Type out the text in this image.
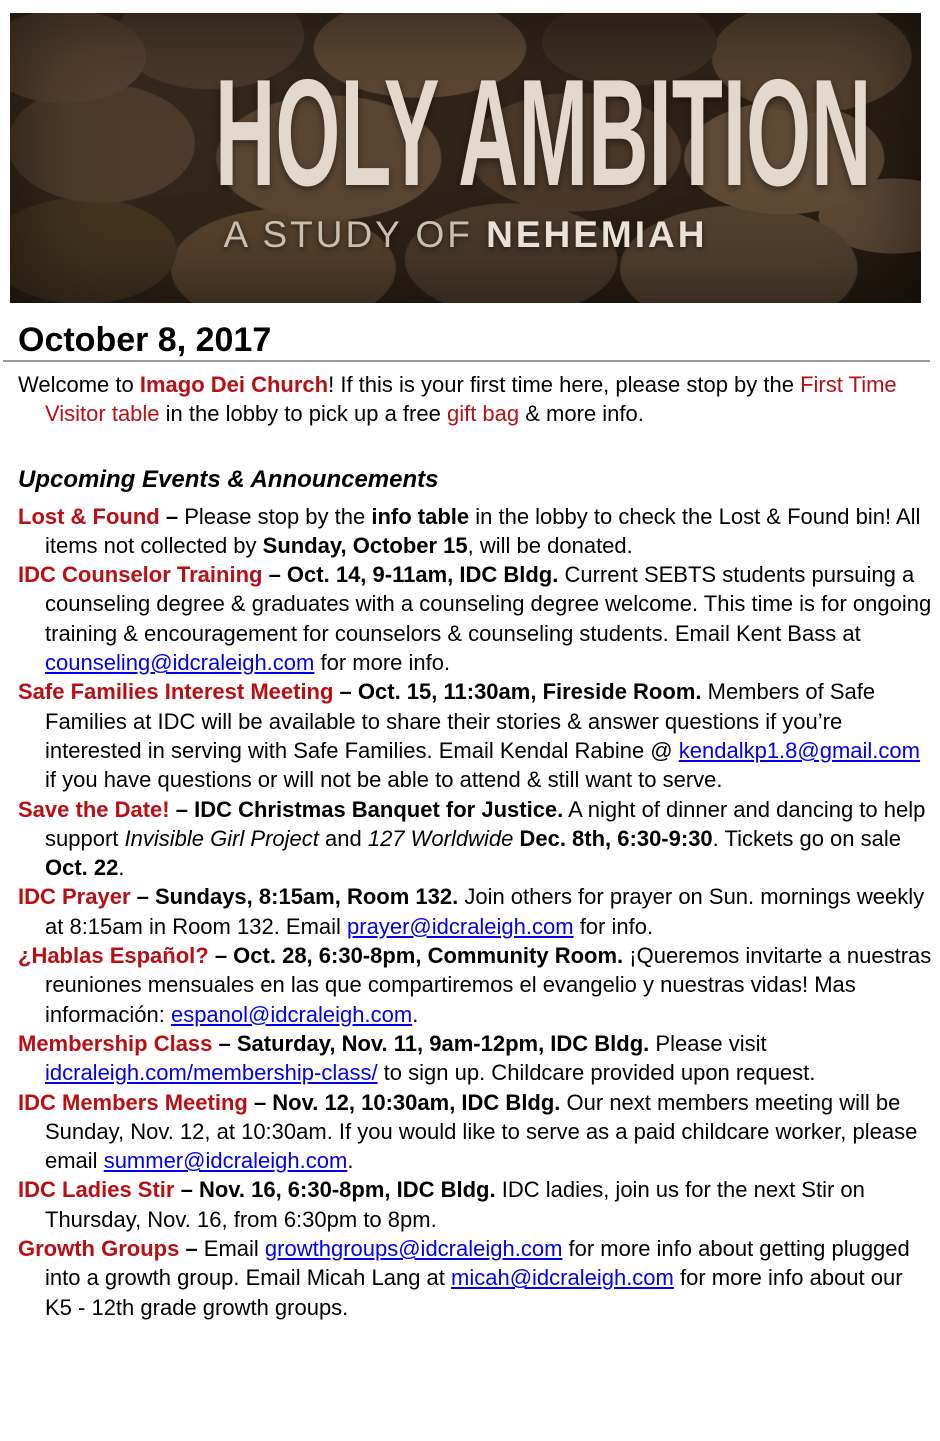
HOLY AMBITION
A STUDY OF NEHEMIAH
October 8, 2017

Welcome to Imago Dei Church! If this is your first time here, please stop by the First Time Visitor table in the lobby to pick up a free gift bag & more info.

Upcoming Events & Announcements

Lost & Found – Please stop by the info table in the lobby to check the Lost & Found bin! All items not collected by Sunday, October 15, will be donated.

IDC Counselor Training – Oct. 14, 9-11am, IDC Bldg. Current SEBTS students pursuing a counseling degree & graduates with a counseling degree welcome. This time is for ongoing training & encouragement for counselors & counseling students. Email Kent Bass at counseling@idcraleigh.com for more info.

Safe Families Interest Meeting – Oct. 15, 11:30am, Fireside Room. Members of Safe Families at IDC will be available to share their stories & answer questions if you’re interested in serving with Safe Families. Email Kendal Rabine @ kendalkp1.8@gmail.com if you have questions or will not be able to attend & still want to serve.

Save the Date! – IDC Christmas Banquet for Justice. A night of dinner and dancing to help support Invisible Girl Project and 127 Worldwide Dec. 8th, 6:30-9:30. Tickets go on sale Oct. 22.

IDC Prayer – Sundays, 8:15am, Room 132. Join others for prayer on Sun. mornings weekly at 8:15am in Room 132. Email prayer@idcraleigh.com for info.

¿Hablas Español? – Oct. 28, 6:30-8pm, Community Room. ¡Queremos invitarte a nuestras reuniones mensuales en las que compartiremos el evangelio y nuestras vidas! Mas información: espanol@idcraleigh.com.

Membership Class – Saturday, Nov. 11, 9am-12pm, IDC Bldg. Please visit idcraleigh.com/membership-class/ to sign up. Childcare provided upon request.

IDC Members Meeting – Nov. 12, 10:30am, IDC Bldg. Our next members meeting will be Sunday, Nov. 12, at 10:30am. If you would like to serve as a paid childcare worker, please email summer@idcraleigh.com.

IDC Ladies Stir – Nov. 16, 6:30-8pm, IDC Bldg. IDC ladies, join us for the next Stir on Thursday, Nov. 16, from 6:30pm to 8pm.

Growth Groups – Email growthgroups@idcraleigh.com for more info about getting plugged into a growth group. Email Micah Lang at micah@idcraleigh.com for more info about our K5 - 12th grade growth groups.
